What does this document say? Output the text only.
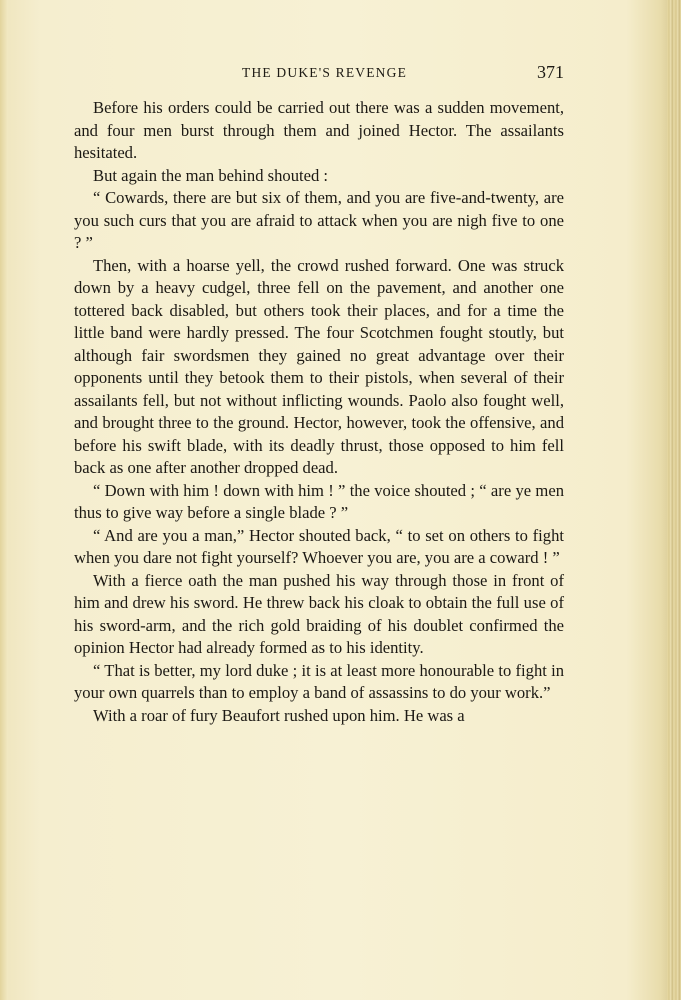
THE DUKE'S REVENGE	371

Before his orders could be carried out there was a sudden movement, and four men burst through them and joined Hector. The assailants hesitated.

But again the man behind shouted :

“ Cowards, there are but six of them, and you are five-and-twenty, are you such curs that you are afraid to attack when you are nigh five to one ? ”

Then, with a hoarse yell, the crowd rushed forward. One was struck down by a heavy cudgel, three fell on the pavement, and another one tottered back disabled, but others took their places, and for a time the little band were hardly pressed. The four Scotchmen fought stoutly, but although fair swordsmen they gained no great advantage over their opponents until they betook them to their pistols, when several of their assailants fell, but not without inflicting wounds. Paolo also fought well, and brought three to the ground. Hector, however, took the offensive, and before his swift blade, with its deadly thrust, those opposed to him fell back as one after another dropped dead.

“ Down with him ! down with him ! ” the voice shouted ; “ are ye men thus to give way before a single blade ? ”

“ And are you a man,” Hector shouted back, “ to set on others to fight when you dare not fight yourself? Whoever you are, you are a coward ! ”

With a fierce oath the man pushed his way through those in front of him and drew his sword. He threw back his cloak to obtain the full use of his sword-arm, and the rich gold braiding of his doublet confirmed the opinion Hector had already formed as to his identity.

“ That is better, my lord duke ; it is at least more honourable to fight in your own quarrels than to employ a band of assassins to do your work.”

With a roar of fury Beaufort rushed upon him. He was a
